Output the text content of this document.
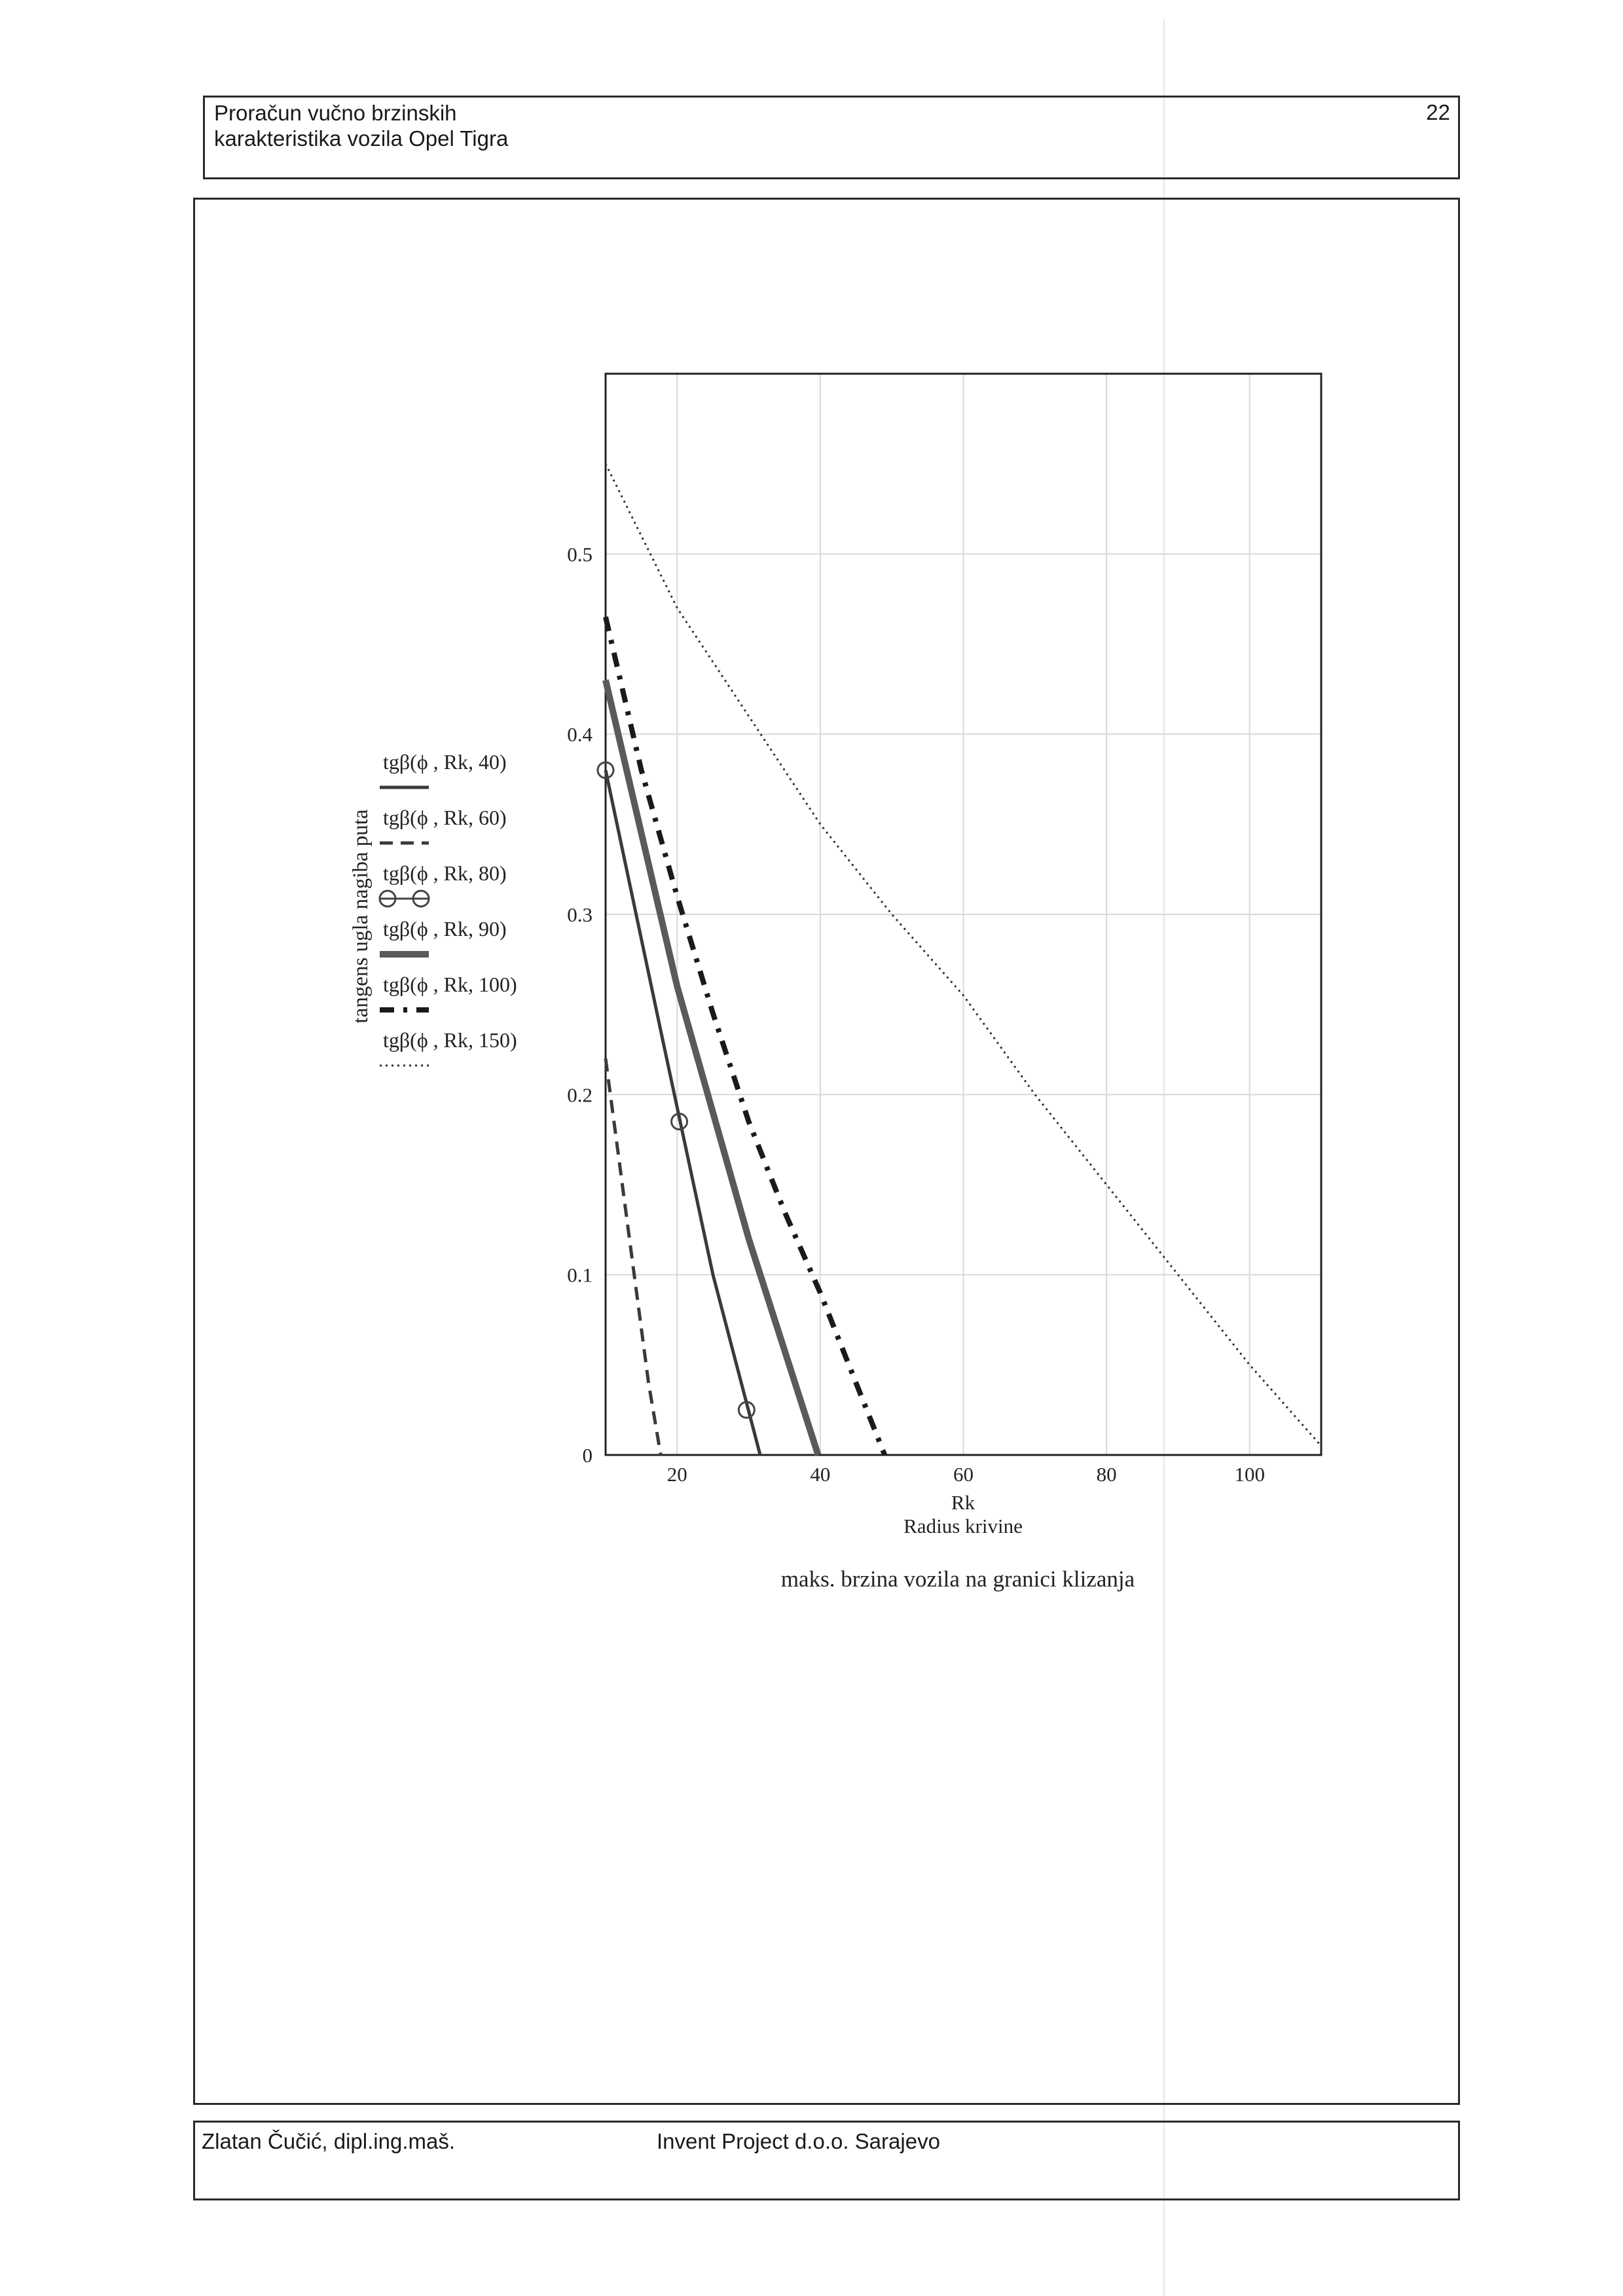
Proračun vučno brzinskih
karakteristika vozila Opel Tigra
22
Zlatan Čučić, dipl.ing.maš.	Invent Project d.o.o. Sarajevo
20	40	60	80	100
0
0.1
0.2
0.3
0.4
0.5
tgβ(ϕ , Rk, 40)
tgβ(ϕ , Rk, 60)
tgβ(ϕ , Rk, 80)
tgβ(ϕ , Rk, 90)
tgβ(ϕ , Rk, 100)
tgβ(ϕ , Rk, 150)
Rk
Radius krivine
maks. brzina vozila na granici klizanja
tangens ugla nagiba puta
